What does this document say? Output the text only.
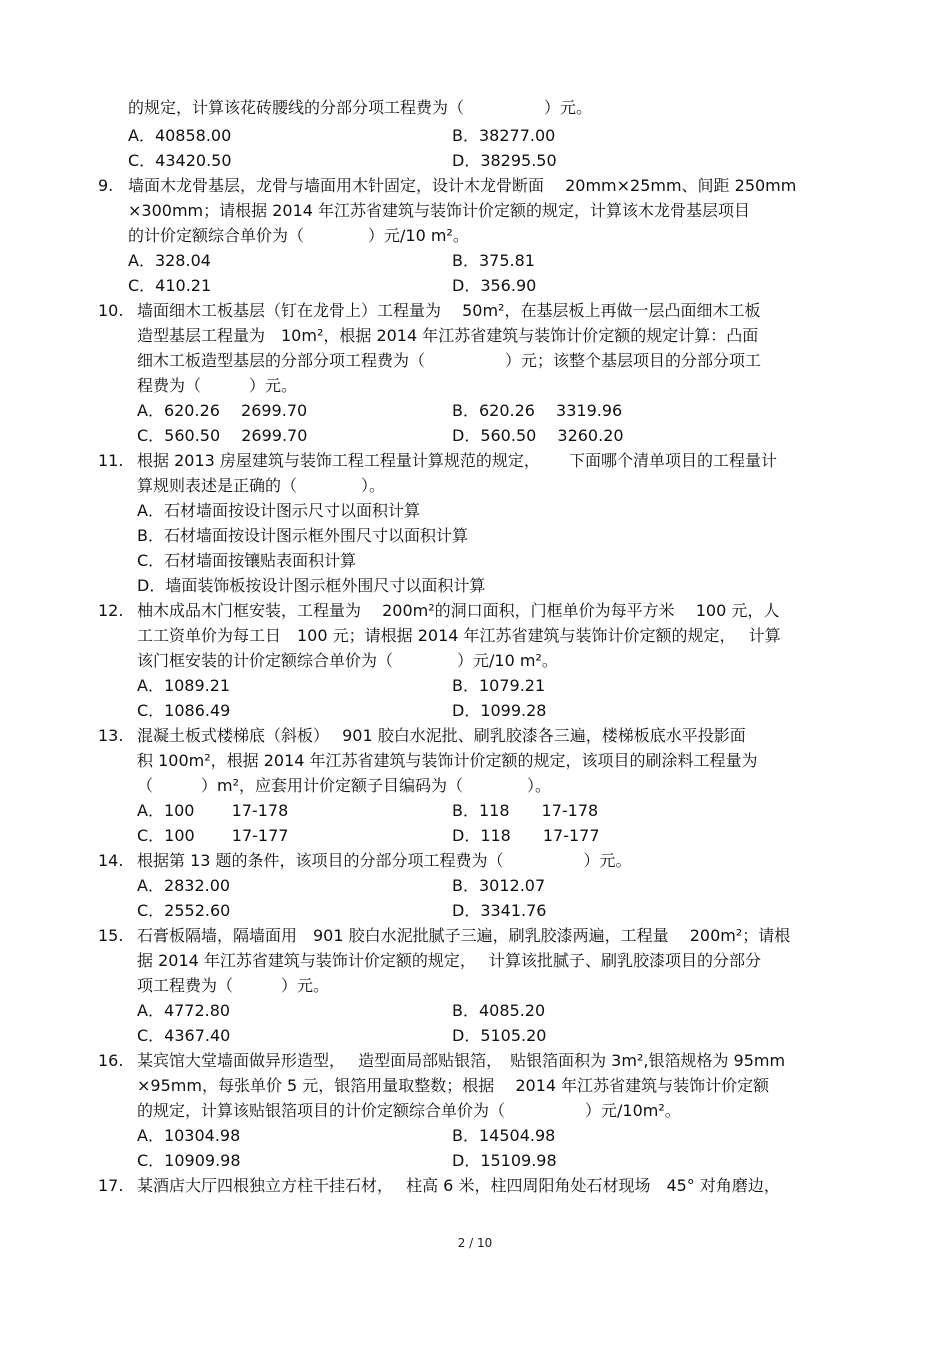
的规定，计算该花砖腰线的分部分项工程费为（　　　　　）元。
A．40858.00	B．38277.00
C．43420.50	D．38295.50
9. 墙面木龙骨基层，龙骨与墙面用木针固定，设计木龙骨断面　 20mm×25mm、间距 250mm
×300mm；请根据 2014 年江苏省建筑与装饰计价定额的规定，计算该木龙骨基层项目
的计价定额综合单价为（　　　　）元/10 m²。
A．328.04	B．375.81
C．410.21	D．356.90
10. 墙面细木工板基层（钉在龙骨上）工程量为　 50m²，在基层板上再做一层凸面细木工板
造型基层工程量为　10m²，根据 2014 年江苏省建筑与装饰计价定额的规定计算：凸面
细木工板造型基层的分部分项工程费为（　　　　　）元；该整个基层项目的分部分项工
程费为（　　　）元。
A．620.26　 2699.70	B．620.26　 3319.96
C．560.50　 2699.70	D．560.50　 3260.20
11. 根据 2013 房屋建筑与装饰工程工程量计算规范的规定，　　 下面哪个清单项目的工程量计
算规则表述是正确的（　　　　）。
A．石材墙面按设计图示尺寸以面积计算
B．石材墙面按设计图示框外围尺寸以面积计算
C．石材墙面按镶贴表面积计算
D．墙面装饰板按设计图示框外围尺寸以面积计算
12. 柚木成品木门框安装，工程量为　 200m²的洞口面积，门框单价为每平方米　 100 元，人
工工资单价为每工日　100 元；请根据 2014 年江苏省建筑与装饰计价定额的规定，　 计算
该门框安装的计价定额综合单价为（　　　　）元/10 m²。
A．1089.21	B．1079.21
C．1086.49	D．1099.28
13. 混凝土板式楼梯底（斜板）　 901 胶白水泥批、刷乳胶漆各三遍，楼梯板底水平投影面
积 100m²，根据 2014 年江苏省建筑与装饰计价定额的规定，该项目的刷涂料工程量为
（　　　）m²，应套用计价定额子目编码为（　　　　）。
A．100　　 17-178	B．118　　17-178
C．100　　 17-177	D．118　　17-177
14. 根据第 13 题的条件，该项目的分部分项工程费为（　　　　　）元。
A．2832.00	B．3012.07
C．2552.60	D．3341.76
15. 石膏板隔墙，隔墙面用　901 胶白水泥批腻子三遍，刷乳胶漆两遍，工程量　 200m²；请根
据 2014 年江苏省建筑与装饰计价定额的规定，　 计算该批腻子、刷乳胶漆项目的分部分
项工程费为（　　　）元。
A．4772.80	B．4085.20
C．4367.40	D．5105.20
16. 某宾馆大堂墙面做异形造型，　 造型面局部贴银箔，　贴银箔面积为 3m²,银箔规格为 95mm
×95mm，每张单价 5 元，银箔用量取整数；根据　 2014 年江苏省建筑与装饰计价定额
的规定，计算该贴银箔项目的计价定额综合单价为（　　　　　）元/10m²。
A．10304.98	B．14504.98
C．10909.98	D．15109.98
17. 某酒店大厅四根独立方柱干挂石材，　 柱高 6 米，柱四周阳角处石材现场　45° 对角磨边，
2 / 10
